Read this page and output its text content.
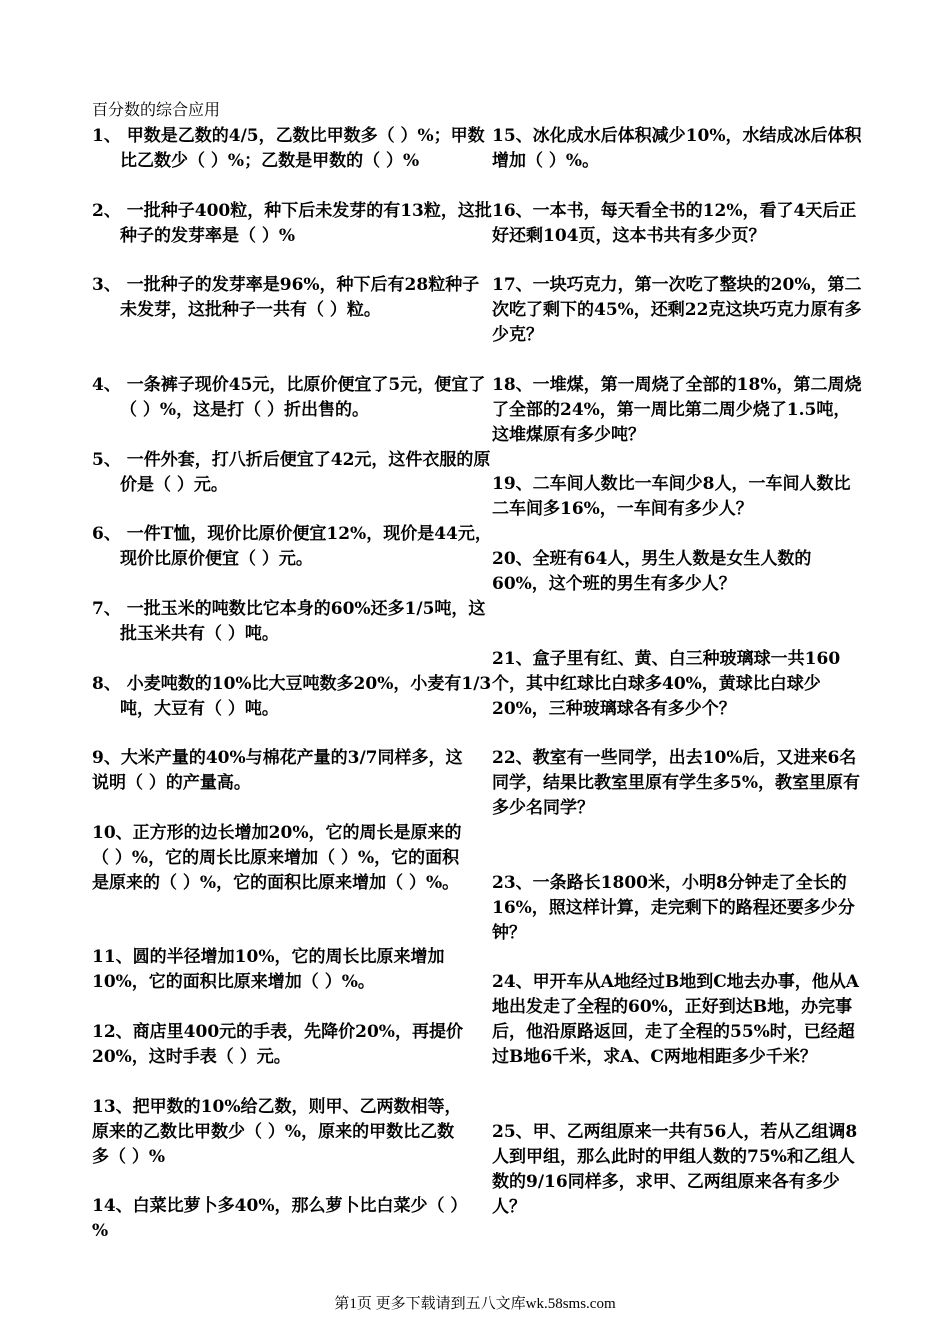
百分数的综合应用

1、 甲数是乙数的4/5，乙数比甲数多（ ）%；甲数比乙数少（ ）%；乙数是甲数的（ ）%

2、 一批种子400粒，种下后未发芽的有13粒，这批种子的发芽率是（ ）%

3、 一批种子的发芽率是96%，种下后有28粒种子未发芽，这批种子一共有（ ）粒。

4、 一条裤子现价45元，比原价便宜了5元，便宜了（ ）%，这是打（ ）折出售的。

5、 一件外套，打八折后便宜了42元，这件衣服的原价是（ ）元。

6、 一件T恤，现价比原价便宜12%，现价是44元，现价比原价便宜（ ）元。

7、 一批玉米的吨数比它本身的60%还多1/5吨，这批玉米共有（ ）吨。

8、 小麦吨数的10%比大豆吨数多20%，小麦有1/3吨，大豆有（ ）吨。

9、大米产量的40%与棉花产量的3/7同样多，这说明（ ）的产量高。

10、正方形的边长增加20%，它的周长是原来的（ ）%，它的周长比原来增加（ ）%，它的面积是原来的（ ）%，它的面积比原来增加（ ）%。

11、圆的半径增加10%，它的周长比原来增加10%，它的面积比原来增加（ ）%。

12、商店里400元的手表，先降价20%，再提价20%，这时手表（ ）元。

13、把甲数的10%给乙数，则甲、乙两数相等，原来的乙数比甲数少（ ）%，原来的甲数比乙数多（ ）%

14、白菜比萝卜多40%，那么萝卜比白菜少（ ）%

15、冰化成水后体积减少10%，水结成冰后体积增加（ ）%。

16、一本书，每天看全书的12%，看了4天后正好还剩104页，这本书共有多少页？

17、一块巧克力，第一次吃了整块的20%，第二次吃了剩下的45%，还剩22克这块巧克力原有多少克？

18、一堆煤，第一周烧了全部的18%，第二周烧了全部的24%，第一周比第二周少烧了1.5吨，这堆煤原有多少吨？

19、二车间人数比一车间少8人，一车间人数比二车间多16%，一车间有多少人？

20、全班有64人，男生人数是女生人数的60%，这个班的男生有多少人？

21、盒子里有红、黄、白三种玻璃球一共160个，其中红球比白球多40%，黄球比白球少20%，三种玻璃球各有多少个？

22、教室有一些同学，出去10%后，又进来6名同学，结果比教室里原有学生多5%，教室里原有多少名同学？

23、一条路长1800米，小明8分钟走了全长的16%，照这样计算，走完剩下的路程还要多少分钟？

24、甲开车从A地经过B地到C地去办事，他从A地出发走了全程的60%，正好到达B地，办完事后，他沿原路返回，走了全程的55%时，已经超过B地6千米，求A、C两地相距多少千米？

25、甲、乙两组原来一共有56人，若从乙组调8人到甲组，那么此时的甲组人数的75%和乙组人数的9/16同样多，求甲、乙两组原来各有多少人？

第1页 更多下载请到五八文库wk.58sms.com
